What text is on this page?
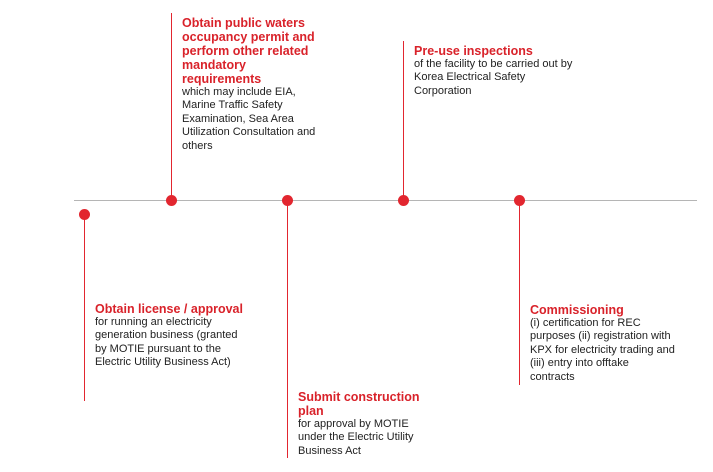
Obtain license / approval

for running an electricity generation business (granted by MOTIE pursuant to the Electric Utility Business Act)

Obtain public waters occupancy permit and perform other related mandatory requirements

which may include EIA, Marine Traffic Safety Examination, Sea Area Utilization Consultation and others

Submit construction plan

for approval by MOTIE under the Electric Utility Business Act

Pre-use inspections

of the facility to be carried out by Korea Electrical Safety Corporation

Commissioning

(i) certification for REC purposes (ii) registration with KPX for electricity trading and (iii) entry into offtake contracts
